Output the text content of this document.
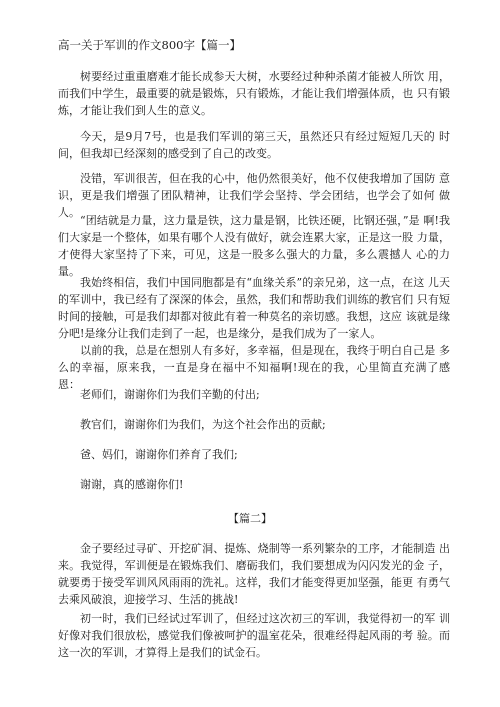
高一关于军训的作文800字【篇一】

树要经过重重磨难才能长成参天大树，水要经过种种杀菌才能被人所饮 用，而我们中学生，最重要的就是锻炼，只有锻炼，才能让我们增强体质，也 只有锻炼，才能让我们到人生的意义。

今天，是9月7号，也是我们军训的第三天，虽然还只有经过短短几天的 时间，但我却已经深刻的感受到了自己的改变。

没错，军训很苦，但在我的心中，他仍然很美好，他不仅使我增加了国防 意识，更是我们增强了团队精神，让我们学会坚持、学会团结，也学会了如何 做人。

“团结就是力量，这力量是铁，这力量是钢，比铁还硬，比钢还强，”是 啊!我们大家是一个整体，如果有哪个人没有做好，就会连累大家，正是这一股 力量，才使得大家坚持了下来，可见，这是一股多么强大的力量，多么震撼人 心的力量。

我始终相信，我们中国同胞都是有“血缘关系”的亲兄弟，这一点，在这 儿天的军训中，我已经有了深深的体会，虽然，我们和帮助我们训练的教官们 只有短时间的接触，可是我们却都对彼此有着一种莫名的亲切感。我想，这应 该就是缘分吧!是缘分让我们走到了一起，也是缘分，是我们成为了一家人。

以前的我，总是在想别人有多好，多幸福，但是现在，我终于明白自己是 多么的幸福，原来我，一直是身在福中不知福啊!现在的我，心里简直充满了感 恩：

老师们，谢谢你们为我们辛勤的付出;

教官们，谢谢你们为我们，为这个社会作出的贡献;

爸、妈们，谢谢你们养育了我们;

谢谢，真的感谢你们!

【篇二】

金子要经过寻矿、开挖矿洞、提炼、烧制等一系列繁杂的工序，才能制造 出来。我觉得，军训便是在锻炼我们、磨砺我们，我们要想成为闪闪发光的金 子，就要勇于接受军训风风雨雨的洗礼。这样，我们才能变得更加坚强，能更 有勇气去乘风破浪，迎接学习、生活的挑战!

初一时，我们已经试过军训了，但经过这次初三的军训，我觉得初一的军 训好像对我们很放松，感觉我们像被呵护的温室花朵，很难经得起风雨的考 验。而这一次的军训，才算得上是我们的试金石。
